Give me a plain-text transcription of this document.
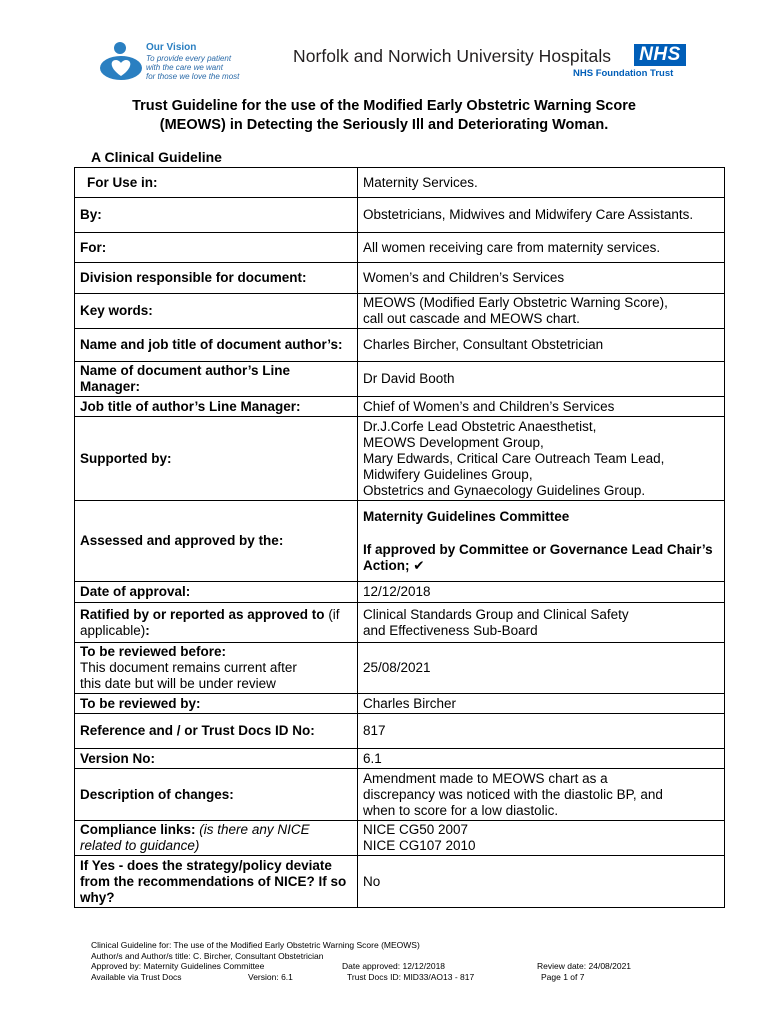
Our Vision
To provide every patient
with the care we want
for those we love the most
Norfolk and Norwich University Hospitals NHS
NHS Foundation Trust
Trust Guideline for the use of the Modified Early Obstetric Warning Score
(MEOWS) in Detecting the Seriously Ill and Deteriorating Woman.
A Clinical Guideline
For Use in:	Maternity Services.
By:	Obstetricians, Midwives and Midwifery Care Assistants.
For:	All women receiving care from maternity services.
Division responsible for document:	Women’s and Children’s Services
Key words:	MEOWS (Modified Early Obstetric Warning Score),
call out cascade and MEOWS chart.

Name and job title of document author’s:	Charles Bircher, Consultant Obstetrician
Name of document author’s Line Manager:	Dr David Booth
Job title of author’s Line Manager:	Chief of Women’s and Children’s Services
Supported by:	Dr.J.Corfe Lead Obstetric Anaesthetist,
MEOWS Development Group,
Mary Edwards, Critical Care Outreach Team Lead,
Midwifery Guidelines Group,
Obstetrics and Gynaecology Guidelines Group.

Assessed and approved by the:	Maternity Guidelines Committee
If approved by Committee or Governance Lead Chair’s Action; ✔

Date of approval:	12/12/2018
Ratified by or reported as approved to (if applicable):	Clinical Standards Group and Clinical Safety
and Effectiveness Sub-Board

To be reviewed before:
This document remains current after
this date but will be under review	25/08/2021
To be reviewed by:	Charles Bircher
Reference and / or Trust Docs ID No:	817
Version No:	6.1
Description of changes:	Amendment made to MEOWS chart as a
discrepancy was noticed with the diastolic BP, and
when to score for a low diastolic.

Compliance links: (is there any NICE related to guidance)	NICE CG50 2007
NICE CG107 2010

If Yes - does the strategy/policy deviate from the recommendations of NICE? If so why?	No
Clinical Guideline for: The use of the Modified Early Obstetric Warning Score (MEOWS)
Author/s and Author/s title: C. Bircher, Consultant Obstetrician
Approved by: Maternity Guidelines Committee	Date approved: 12/12/2018	Review date: 24/08/2021
Available via Trust Docs	Version: 6.1	Trust Docs ID: MID33/AO13 - 817	Page 1 of 7
